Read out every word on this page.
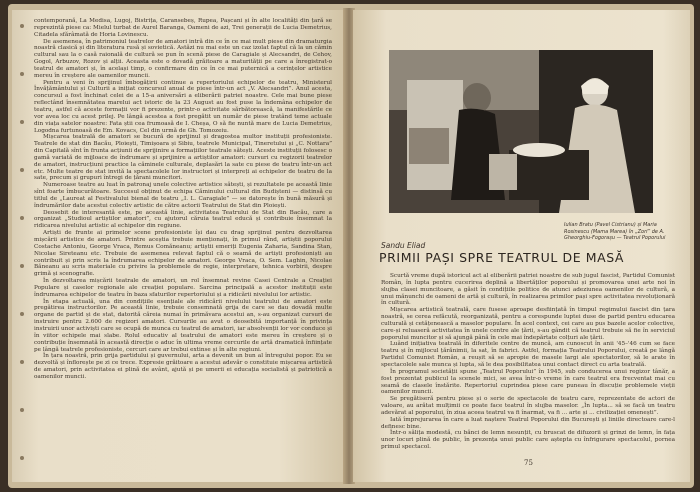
contemporană, La Medisa, Lugoj, Bistrița, Caransebeș, Rupea, Pașcani și în alte localități din țară se reprezintă piese ca: Mielul turbat de Aurel Baranga, Oameni de azi, Trei generații de Lucia Demetrius, Citadela sfărâmată de Horia Lovinescu.

De asemenea, în patrimoniul teatrelor de amatori intră din ce în ce mai mult piese din dramaturgia noastră clasică și din literatura rusă și sovietică. Astăzi nu mai este un caz izolat faptul că la un cămin cultural sau la o casă raională de cultură se pun în scenă piese de Caragiale și Alecsandri, de Cehov, Gogol, Arbuzov, Rozov și alții. Aceasta este o dovadă grăitoare a maturității pe care a înregistrat-o teatrul de amatori și, în același timp, o confirmare din ce în ce mai puternică a cerințelor artistice mereu în creștere ale oamenilor muncii.

Pentru a veni în sprijinul îmbogățirii continue a repertoriului echipelor de teatru, Ministerul Învățământului și Culturii a inițiat concursul anual de piese într-un act „V. Alecsandri”. Anul acesta, concursul a fost închinat celei de a 15-a aniversări a eliberării patriei noastre. Cele mai bune piese reflectând însemnătatea marelui act istoric de la 23 August au fost puse la îndemâna echipelor de teatru, astfel că aceste formații vor fi prezente, printr-o activitate sărbătorească, la manifestările ce vor avea loc cu acest prilej. Pe lângă acestea a fost pregătit un număr de piese tratând teme actuale din viața satelor noastre: Fata știi cea frumoasă de I. Cheșa, O să fie nuntă mare de Lucia Demetrius, Logodna furtunoasă de Em. Kovacs, Cel din urmă de Gh. Tomozeiu.

Mișcarea teatrală de amatori se bucură de sprijinul și dragostea multor instituții profesioniste. Teatrele de stat din Bacău, Ploiești, Timișoara și Sibiu, teatrele Municipal, Tineretului și „C. Nottara” din Capitală sînt în frunta acțiunii de sprijinire a formațiilor teatrale sătești. Aceste instituții folosesc o gamă variată de mijloace de îndrumare și sprijinire a artiștilor amatori: cursuri cu regizorii teatrelor de amatori, instrucțiuni practice la căminele culturale, deplasări la sate cu piese de teatru într-un act etc. Multe teatre de stat invită la spectacolele lor instructori și interpreți ai echipelor de teatru de la sate, precum și grupuri întregi de țărani muncitori.

Numeroase teatre au luat în patronaj unele colective artistice sătești, și rezultatele pe această linie sînt foarte îmbucurătoare. Succesul obținut de echipa Căminului cultural din Budișteni — distinsă cu titlul de „Laureat al Festivalului bienal de teatru „I. L. Caragiale” — se datorește în bună măsură și îndrumărilor date acestui colectiv artistic de către actorii Teatrului de Stat din Ploiești.

Deosebit de interesantă este, pe această linie, activitatea Teatrului de Stat din Bacău, care a organizat „Studioul artiștilor amatori”, cu ajutorul căruia teatrul educă și contribuie însemnat la ridicarea nivelului artistic al echipelor din regiune.

Artiști de frunte ai primelor scene profesioniste își dau cu drag sprijinul pentru dezvoltarea mișcării artistice de amatori. Printre aceștia trebuie menționați, în primul rând, artiștii poporului Costache Antoniu, George Vraca, Remus Comăneanu; artiștii emeriți Eugenia Zaharia, Sandina Stan, Nicolae Sireteanu etc. Trebuie de asemenea relevat faptul că o seamă de artiști profesioniști au contribuit și prin scris la îndrumarea echipelor de amatori. George Vraca, O. Sem. Laghin, Nicolae Băneanu au scris materiale cu privire la problemele de regie, interpretare, tehnica vorbirii, despre grimă și scenografie.

În dezvoltarea mișcării teatrale de amatori, un rol însemnat revine Casei Centrale a Creației Populare și caselor regionale ale creației populare. Sarcina principală a acestor instituții este îndrumarea echipelor de teatru în baza sfaturilor repertoriului și a ridicării nivelului lor artistic.

În etapa actuală, una din condițiile esențiale ale ridicării nivelului teatrului de amatori este pregătirea instructorilor. Pe această linie, trebuie consemnată grija de care se dau dovadă multe organe de partid și de stat, datorită căreia numai în primăvara acestui an, s-au organizat cursuri de instruire pentru 2.600 de regizori amatori. Cursurile au avut o deosebită importanță în privința instruirii unor activiști care se ocupă de munca cu teatrul de amatori, iar absolvenții lor vor conduce și în viitor echipele mai slabe. Rolul educativ al teatrului de amatori este mereu în creștere și o contribuție însemnată în această direcție o aduc în ultima vreme cercurile de artă dramatică înființate pe lângă teatrele profesioniste, cercuri care ar trebui extinse și în alte regiuni.

În țara noastră, prin grija partidului și guvernului, arta a devenit un bun al întregului popor. Eu se dezvoltă și înflorește pe zi ce trece. Expresie grăitoare a acestui adevăr o constituie mișcarea artistică de amatori, prin activitatea ei plină de avânt, ajută și pe umerii ei educația socialistă și patriotică a oamenilor muncii.

Iulian Bratu (Pavel Cistrianu) și Maria Rosinescu (Mama Marea) în „Zori” de A. Gheorghiu-Fogorașu — Teatrul Poporului
Sandu Eliad
PRIMII PAȘI SPRE TEATRUL DE MASĂ

Scurtă vreme după istoricul act al eliberării patriei noastre de sub jugul fascist, Partidul Comunist Român, în lupta pentru cucerirea deplină a libertăților poporului și promovarea unei arte noi în slujba clasei muncitoare, a găsit în condițiile politice de atunci adeziunea oamenilor de cultură, a unui mănunchi de oameni de artă și cultură, în realizarea primilor pași spre activitatea revoluționară în cultură.

Mișcarea artistică teatrală, care fusese aproape desființată în timpul regimului fascist din țara noastră, se cerea refăcută, reorganizată, pentru a corespunde luptei duse de partid pentru educarea culturală și cetățenească a maselor populare. În acel context, cei care au pus bazele acelor colective, care-și reluaseră activitatea în unele centre ale țării, s-au gândit că teatrul trebuie să fie în serviciul poporului muncitor și să ajungă până în cele mai îndepărtate colțuri ale țării.

Luând inițiativa teatrală în diferitele centre de muncă, am cunoscut în anii '45–'46 cum se face teatru și în mijlocul țărănimii, la sat, în fabrici. Astfel, formația Teatrului Poporului, creată pe lângă Partidul Comunist Român, a reușit să se apropie de masele largi ale spectatorilor, să le arate în spectacolele sale munca și lupta, să le dea posibilitatea unui contact direct cu arta teatrală.

În programul societății spune „Teatrul Poporului” în 1945, sub conducerea unui regizor tânăr, a fost prezentat publicul la scenele mici, se avea într-o vreme în care teatrul era frecventat mai cu seamă de clasele înstărite. Repertoriul cuprindea piese care puneau în discuție problemele vieții oamenilor muncii.

Se pregătiseră pentru piese și o serie de spectacole de teatru care, reprezentate de actori de valoare, au arătat mulțimii ce poate face teatrul în slujba maselor. „În lupta... să se facă un teatru adevărat al poporului, în ziua aceea teatrul va fi înarmat, va fi ... arte și ... civilizației omenești”.

Iată împrejurarea în care a luat naștere Teatrul Poporului din București și liniile directoare care-l definesc bine.

Într-o sălița modestă, cu bănci de lemn nesunțit, cu bruscat de difuzorii și grinzi de lemn, în fața unor locuri plină de public, în prezența unui public care aștepta cu înfrigurare spectacolul, pornea primul spectacol.

75
